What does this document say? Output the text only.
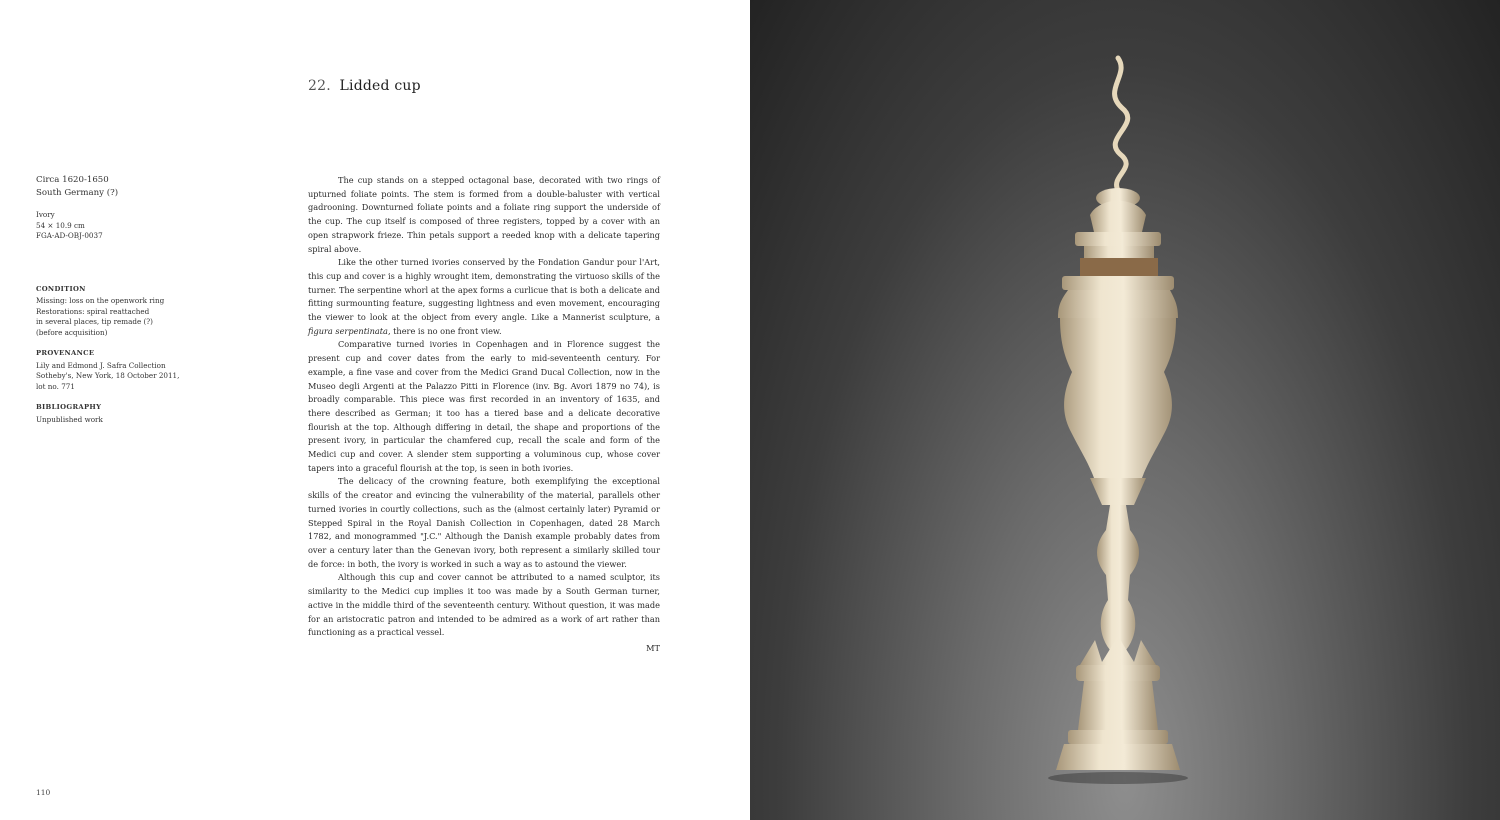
22. Lidded cup
Circa 1620-1650
South Germany (?)
Ivory
54 × 10.9 cm
FGA-AD-OBJ-0037
CONDITION
Missing: loss on the openwork ring
Restorations: spiral reattached
in several places, tip remade (?)
(before acquisition)
PROVENANCE
Lily and Edmond J. Safra Collection
Sotheby's, New York, 18 October 2011,
lot no. 771
BIBLIOGRAPHY
Unpublished work

The cup stands on a stepped octagonal base, decorated with two rings of upturned foliate points. The stem is formed from a double-baluster with vertical gadrooning. Downturned foliate points and a foliate ring support the underside of the cup. The cup itself is composed of three registers, topped by a cover with an open strapwork frieze. Thin petals support a reeded knop with a delicate tapering spiral above.

Like the other turned ivories conserved by the Fondation Gandur pour l'Art, this cup and cover is a highly wrought item, demonstrating the virtuoso skills of the turner. The serpentine whorl at the apex forms a curlicue that is both a delicate and fitting surmounting feature, suggesting lightness and even movement, encouraging the viewer to look at the object from every angle. Like a Mannerist sculpture, a figura serpentinata, there is no one front view.

Comparative turned ivories in Copenhagen and in Florence suggest the present cup and cover dates from the early to mid-seventeenth century. For example, a fine vase and cover from the Medici Grand Ducal Collection, now in the Museo degli Argenti at the Palazzo Pitti in Florence (inv. Bg. Avori 1879 no 74), is broadly comparable. This piece was first recorded in an inventory of 1635, and there described as German; it too has a tiered base and a delicate decorative flourish at the top. Although differing in detail, the shape and proportions of the present ivory, in particular the chamfered cup, recall the scale and form of the Medici cup and cover. A slender stem supporting a voluminous cup, whose cover tapers into a graceful flourish at the top, is seen in both ivories.

The delicacy of the crowning feature, both exemplifying the exceptional skills of the creator and evincing the vulnerability of the material, parallels other turned ivories in courtly collections, such as the (almost certainly later) Pyramid or Stepped Spiral in the Royal Danish Collection in Copenhagen, dated 28 March 1782, and monogrammed "J.C." Although the Danish example probably dates from over a century later than the Genevan ivory, both represent a similarly skilled tour de force: in both, the ivory is worked in such a way as to astound the viewer.

Although this cup and cover cannot be attributed to a named sculptor, its similarity to the Medici cup implies it too was made by a South German turner, active in the middle third of the seventeenth century. Without question, it was made for an aristocratic patron and intended to be admired as a work of art rather than functioning as a practical vessel.

MT
110
